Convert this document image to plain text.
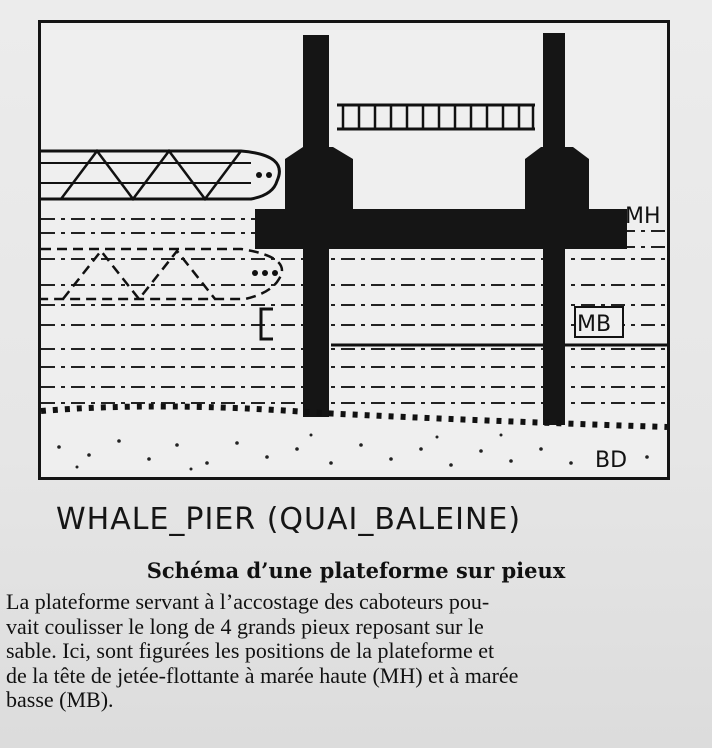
MH
MB
BD
WHALE_PIER (QUAI_BALEINE)
Schéma d’une plateforme sur pieux
La plateforme servant à l’accostage des caboteurs pou-
vait coulisser le long de 4 grands pieux reposant sur le
sable. Ici, sont figurées les positions de la plateforme et
de la tête de jetée-flottante à marée haute (MH) et à marée
basse (MB).
